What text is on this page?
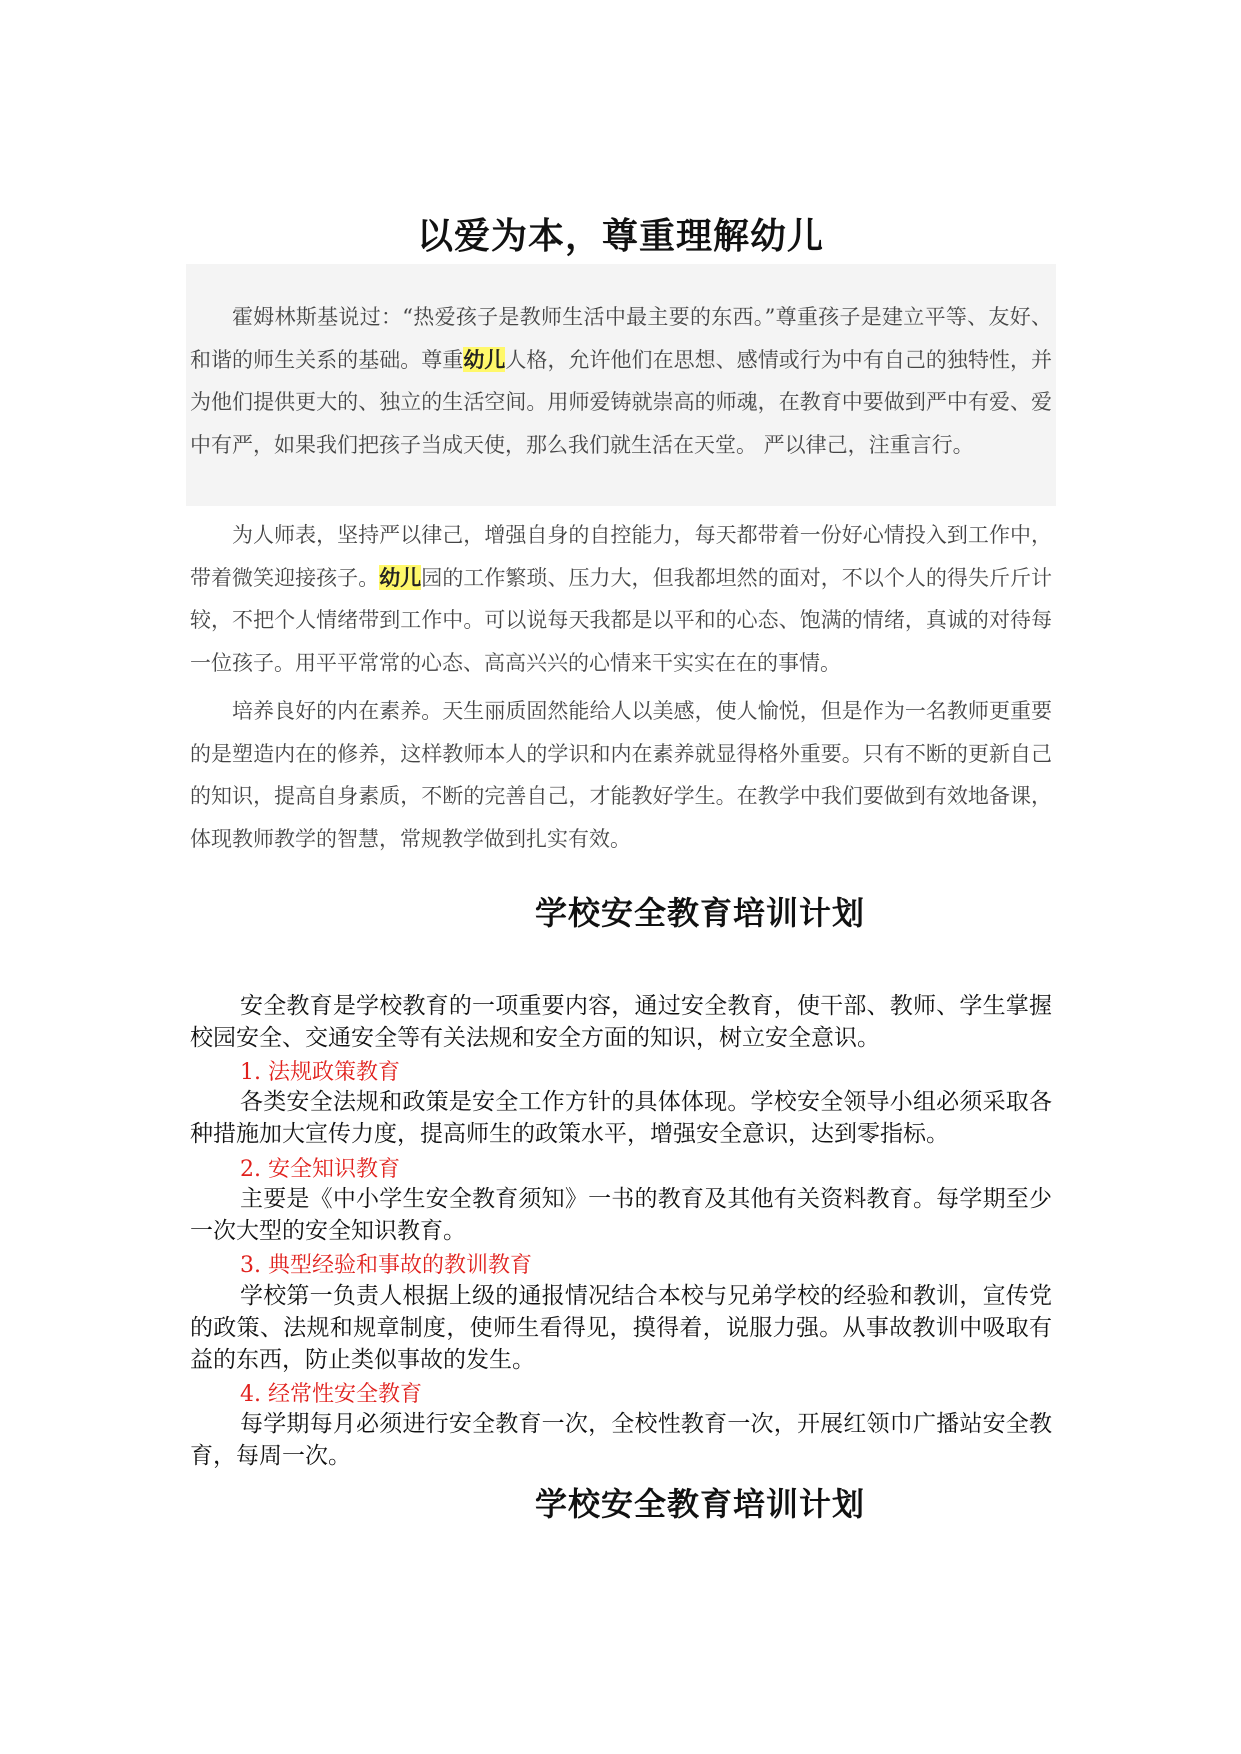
以爱为本，尊重理解幼儿

霍姆林斯基说过：“热爱孩子是教师生活中最主要的东西。”尊重孩子是建立平等、友好、和谐的师生关系的基础。尊重幼儿人格，允许他们在思想、感情或行为中有自己的独特性，并为他们提供更大的、独立的生活空间。用师爱铸就崇高的师魂，在教育中要做到严中有爱、爱中有严，如果我们把孩子当成天使，那么我们就生活在天堂。 严以律己，注重言行。

为人师表，坚持严以律己，增强自身的自控能力，每天都带着一份好心情投入到工作中，带着微笑迎接孩子。幼儿园的工作繁琐、压力大，但我都坦然的面对，不以个人的得失斤斤计较，不把个人情绪带到工作中。可以说每天我都是以平和的心态、饱满的情绪，真诚的对待每一位孩子。用平平常常的心态、高高兴兴的心情来干实实在在的事情。

培养良好的内在素养。天生丽质固然能给人以美感，使人愉悦，但是作为一名教师更重要的是塑造内在的修养，这样教师本人的学识和内在素养就显得格外重要。只有不断的更新自己的知识，提高自身素质，不断的完善自己，才能教好学生。在教学中我们要做到有效地备课，体现教师教学的智慧，常规教学做到扎实有效。

学校安全教育培训计划

安全教育是学校教育的一项重要内容，通过安全教育，使干部、教师、学生掌握校园安全、交通安全等有关法规和安全方面的知识，树立安全意识。

1. 法规政策教育

各类安全法规和政策是安全工作方针的具体体现。学校安全领导小组必须采取各种措施加大宣传力度，提高师生的政策水平，增强安全意识，达到零指标。

2. 安全知识教育

主要是《中小学生安全教育须知》一书的教育及其他有关资料教育。每学期至少一次大型的安全知识教育。

3. 典型经验和事故的教训教育

学校第一负责人根据上级的通报情况结合本校与兄弟学校的经验和教训，宣传党的政策、法规和规章制度，使师生看得见，摸得着，说服力强。从事故教训中吸取有益的东西，防止类似事故的发生。

4. 经常性安全教育

每学期每月必须进行安全教育一次，全校性教育一次，开展红领巾广播站安全教育，每周一次。

学校安全教育培训计划
